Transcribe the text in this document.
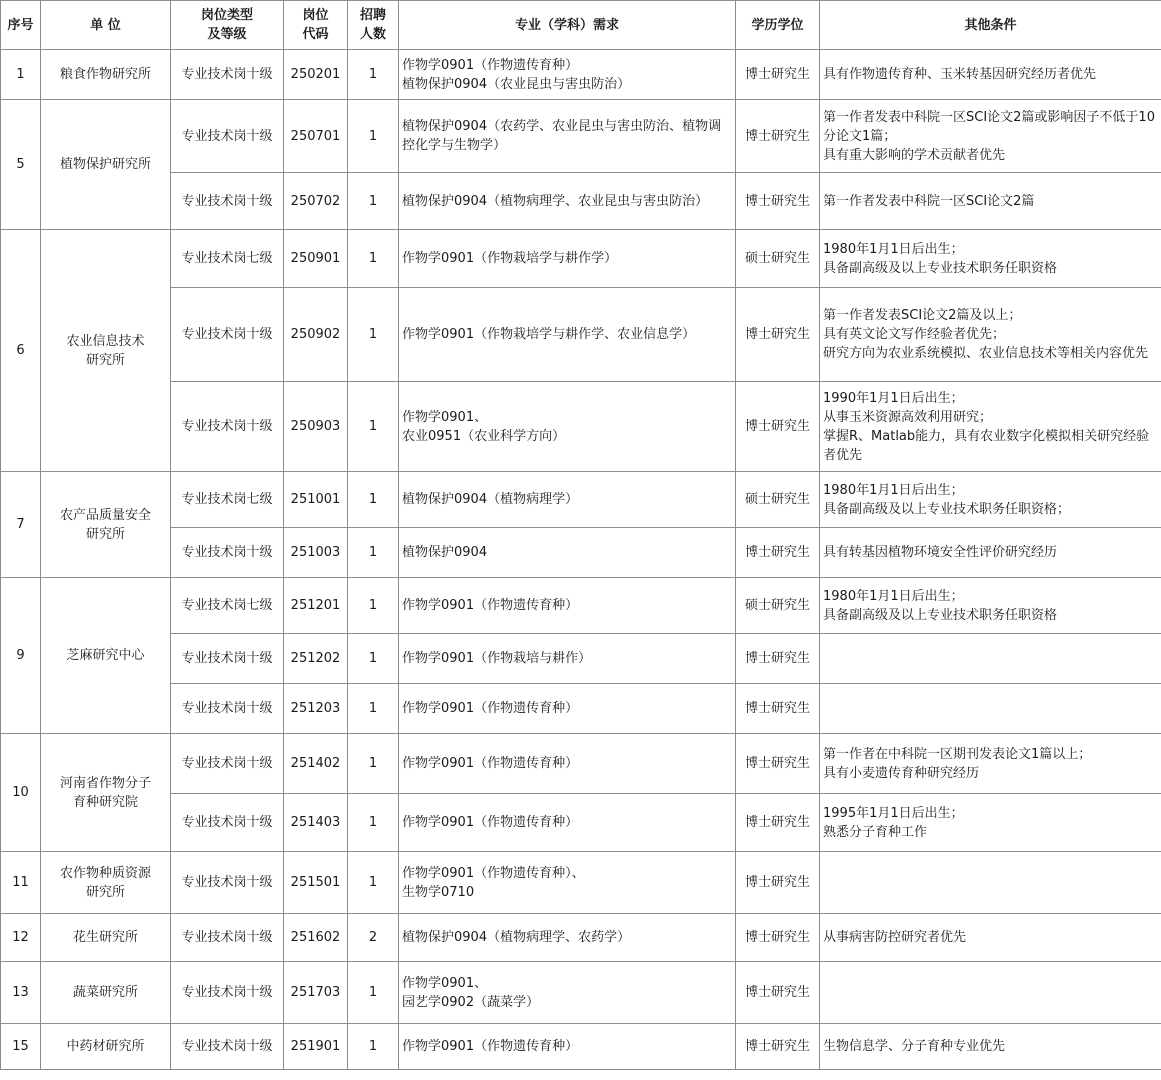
序号	单 位	岗位类型
及等级	岗位
代码	招聘
人数	专业（学科）需求	学历学位	其他条件
1	粮食作物研究所	专业技术岗十级	250201	1	作物学0901（作物遗传育种）
植物保护0904（农业昆虫与害虫防治）	博士研究生	具有作物遗传育种、玉米转基因研究经历者优先
5	植物保护研究所	专业技术岗十级	250701	1	植物保护0904（农药学、农业昆虫与害虫防治、植物调控化学与生物学）	博士研究生	第一作者发表中科院一区SCI论文2篇或影响因子不低于10分论文1篇；
具有重大影响的学术贡献者优先
		专业技术岗十级	250702	1	植物保护0904（植物病理学、农业昆虫与害虫防治）	博士研究生	第一作者发表中科院一区SCI论文2篇
6	农业信息技术
研究所	专业技术岗七级	250901	1	作物学0901（作物栽培学与耕作学）	硕士研究生	1980年1月1日后出生；
具备副高级及以上专业技术职务任职资格
		专业技术岗十级	250902	1	作物学0901（作物栽培学与耕作学、农业信息学）	博士研究生	第一作者发表SCI论文2篇及以上；
具有英文论文写作经验者优先；
研究方向为农业系统模拟、农业信息技术等相关内容优先
		专业技术岗十级	250903	1	作物学0901、
农业0951（农业科学方向）	博士研究生	1990年1月1日后出生；
从事玉米资源高效利用研究；
掌握R、Matlab能力，具有农业数字化模拟相关研究经验者优先
7	农产品质量安全
研究所	专业技术岗七级	251001	1	植物保护0904（植物病理学）	硕士研究生	1980年1月1日后出生；
具备副高级及以上专业技术职务任职资格；
		专业技术岗十级	251003	1	植物保护0904	博士研究生	具有转基因植物环境安全性评价研究经历
9	芝麻研究中心	专业技术岗七级	251201	1	作物学0901（作物遗传育种）	硕士研究生	1980年1月1日后出生；
具备副高级及以上专业技术职务任职资格
		专业技术岗十级	251202	1	作物学0901（作物栽培与耕作）	博士研究生	
		专业技术岗十级	251203	1	作物学0901（作物遗传育种）	博士研究生	
10	河南省作物分子
育种研究院	专业技术岗十级	251402	1	作物学0901（作物遗传育种）	博士研究生	第一作者在中科院一区期刊发表论文1篇以上；
具有小麦遗传育种研究经历
		专业技术岗十级	251403	1	作物学0901（作物遗传育种）	博士研究生	1995年1月1日后出生；
熟悉分子育种工作
11	农作物种质资源
研究所	专业技术岗十级	251501	1	作物学0901（作物遗传育种）、
生物学0710	博士研究生	
12	花生研究所	专业技术岗十级	251602	2	植物保护0904（植物病理学、农药学）	博士研究生	从事病害防控研究者优先
13	蔬菜研究所	专业技术岗十级	251703	1	作物学0901、
园艺学0902（蔬菜学）	博士研究生	
15	中药材研究所	专业技术岗十级	251901	1	作物学0901（作物遗传育种）	博士研究生	生物信息学、分子育种专业优先
